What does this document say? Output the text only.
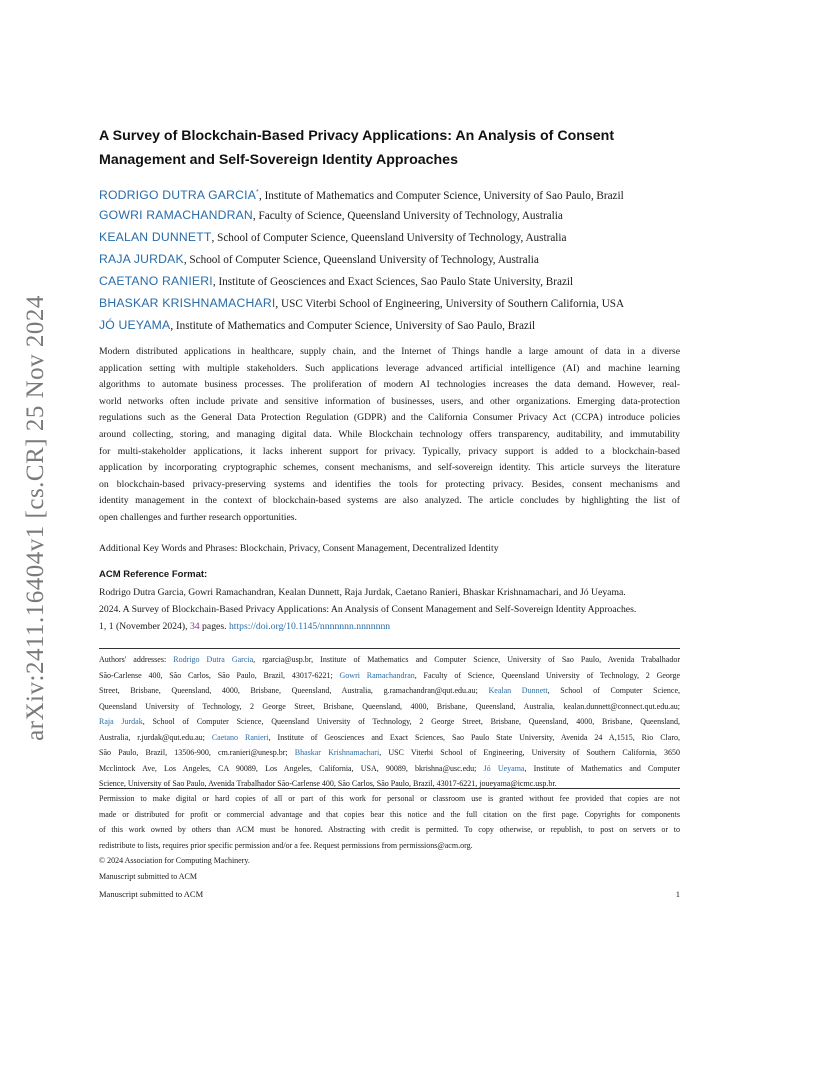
arXiv:2411.16404v1 [cs.CR] 25 Nov 2024
A Survey of Blockchain-Based Privacy Applications: An Analysis of Consent
Management and Self-Sovereign Identity Approaches
RODRIGO DUTRA GARCIA*, Institute of Mathematics and Computer Science, University of Sao Paulo, Brazil
GOWRI RAMACHANDRAN, Faculty of Science, Queensland University of Technology, Australia
KEALAN DUNNETT, School of Computer Science, Queensland University of Technology, Australia
RAJA JURDAK, School of Computer Science, Queensland University of Technology, Australia
CAETANO RANIERI, Institute of Geosciences and Exact Sciences, Sao Paulo State University, Brazil
BHASKAR KRISHNAMACHARI, USC Viterbi School of Engineering, University of Southern California, USA
JÓ UEYAMA, Institute of Mathematics and Computer Science, University of Sao Paulo, Brazil
Modern distributed applications in healthcare, supply chain, and the Internet of Things handle a large amount of data in a diverse
application setting with multiple stakeholders. Such applications leverage advanced artificial intelligence (AI) and machine learning
algorithms to automate business processes. The proliferation of modern AI technologies increases the data demand. However, real-
world networks often include private and sensitive information of businesses, users, and other organizations. Emerging data-protection
regulations such as the General Data Protection Regulation (GDPR) and the California Consumer Privacy Act (CCPA) introduce policies
around collecting, storing, and managing digital data. While Blockchain technology offers transparency, auditability, and immutability
for multi-stakeholder applications, it lacks inherent support for privacy. Typically, privacy support is added to a blockchain-based
application by incorporating cryptographic schemes, consent mechanisms, and self-sovereign identity. This article surveys the literature
on blockchain-based privacy-preserving systems and identifies the tools for protecting privacy. Besides, consent mechanisms and
identity management in the context of blockchain-based systems are also analyzed. The article concludes by highlighting the list of
open challenges and further research opportunities.
Additional Key Words and Phrases: Blockchain, Privacy, Consent Management, Decentralized Identity
ACM Reference Format:
Rodrigo Dutra Garcia, Gowri Ramachandran, Kealan Dunnett, Raja Jurdak, Caetano Ranieri, Bhaskar Krishnamachari, and Jó Ueyama.
2024. A Survey of Blockchain-Based Privacy Applications: An Analysis of Consent Management and Self-Sovereign Identity Approaches.
1, 1 (November 2024), 34 pages. https://doi.org/10.1145/nnnnnnn.nnnnnnn
Authors' addresses: Rodrigo Dutra Garcia, rgarcia@usp.br, Institute of Mathematics and Computer Science, University of Sao Paulo, Avenida Trabalhador
São-Carlense 400, São Carlos, São Paulo, Brazil, 43017-6221; Gowri Ramachandran, Faculty of Science, Queensland University of Technology, 2 George
Street, Brisbane, Queensland, 4000, Brisbane, Queensland, Australia, g.ramachandran@qut.edu.au; Kealan Dunnett, School of Computer Science,
Queensland University of Technology, 2 George Street, Brisbane, Queensland, 4000, Brisbane, Queensland, Australia, kealan.dunnett@connect.qut.edu.au;
Raja Jurdak, School of Computer Science, Queensland University of Technology, 2 George Street, Brisbane, Queensland, 4000, Brisbane, Queensland,
Australia, r.jurdak@qut.edu.au; Caetano Ranieri, Institute of Geosciences and Exact Sciences, Sao Paulo State University, Avenida 24 A,1515, Rio Claro,
São Paulo, Brazil, 13506-900, cm.ranieri@unesp.br; Bhaskar Krishnamachari, USC Viterbi School of Engineering, University of Southern California, 3650
Mcclintock Ave, Los Angeles, CA 90089, Los Angeles, California, USA, 90089, bkrishna@usc.edu; Jó Ueyama, Institute of Mathematics and Computer
Science, University of Sao Paulo, Avenida Trabalhador São-Carlense 400, São Carlos, São Paulo, Brazil, 43017-6221, joueyama@icmc.usp.br.
Permission to make digital or hard copies of all or part of this work for personal or classroom use is granted without fee provided that copies are not
made or distributed for profit or commercial advantage and that copies bear this notice and the full citation on the first page. Copyrights for components
of this work owned by others than ACM must be honored. Abstracting with credit is permitted. To copy otherwise, or republish, to post on servers or to
redistribute to lists, requires prior specific permission and/or a fee. Request permissions from permissions@acm.org.
© 2024 Association for Computing Machinery.
Manuscript submitted to ACM
Manuscript submitted to ACM	1
